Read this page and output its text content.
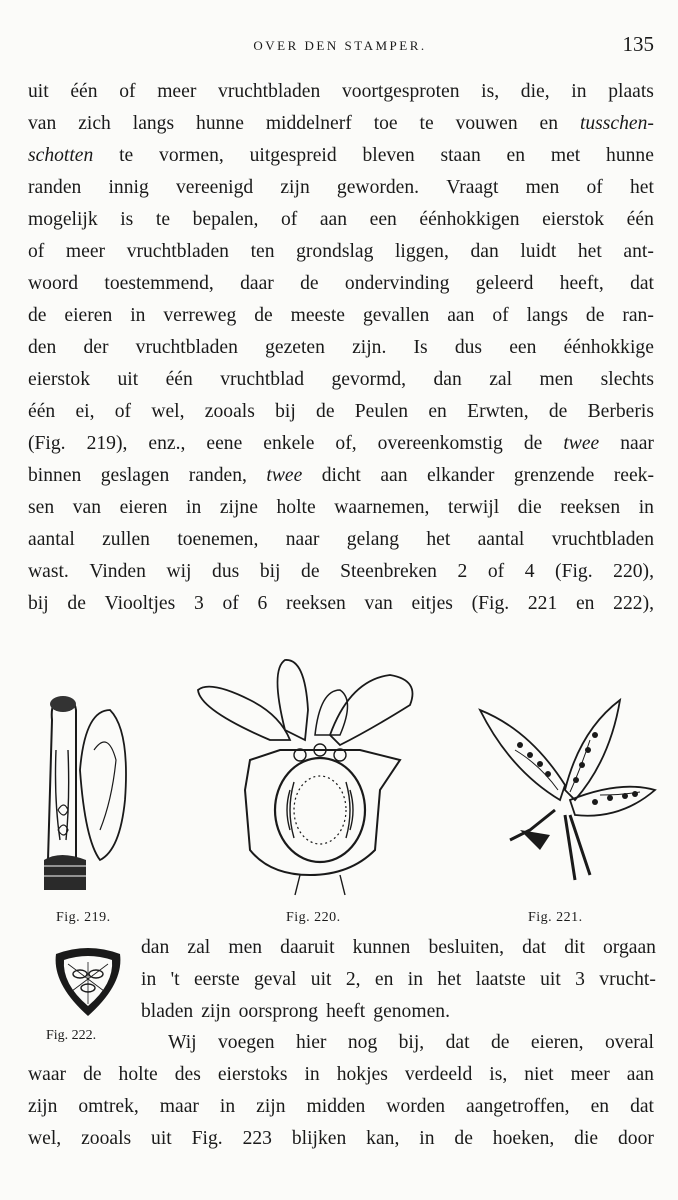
OVER DEN STAMPER.	135
uit één of meer vruchtbladen voortgesproten is, die, in plaats
van zich langs hunne middelnerf toe te vouwen en tusschen-
schotten te vormen, uitgespreid bleven staan en met hunne
randen innig vereenigd zijn geworden. Vraagt men of het
mogelijk is te bepalen, of aan een éénhokkigen eierstok één
of meer vruchtbladen ten grondslag liggen, dan luidt het ant-
woord toestemmend, daar de ondervinding geleerd heeft, dat
de eieren in verreweg de meeste gevallen aan of langs de ran-
den der vruchtbladen gezeten zijn. Is dus een éénhokkige
eierstok uit één vruchtblad gevormd, dan zal men slechts
één ei, of wel, zooals bij de Peulen en Erwten, de Berberis
(Fig. 219), enz., eene enkele of, overeenkomstig de twee naar
binnen geslagen randen, twee dicht aan elkander grenzende reek-
sen van eieren in zijne holte waarnemen, terwijl die reeksen in
aantal zullen toenemen, naar gelang het aantal vruchtbladen
wast. Vinden wij dus bij de Steenbreken 2 of 4 (Fig. 220),
bij de Viooltjes 3 of 6 reeksen van eitjes (Fig. 221 en 222),
Fig. 219.	Fig. 220.	Fig. 221.
Fig. 222.
dan zal men daaruit kunnen besluiten, dat dit orgaan
in 't eerste geval uit 2, en in het laatste uit 3 vrucht-
bladen zijn oorsprong heeft genomen.
Wij voegen hier nog bij, dat de eieren, overal
waar de holte des eierstoks in hokjes verdeeld is, niet meer aan
zijn omtrek, maar in zijn midden worden aangetroffen, en dat
wel, zooals uit Fig. 223 blijken kan, in de hoeken, die door
